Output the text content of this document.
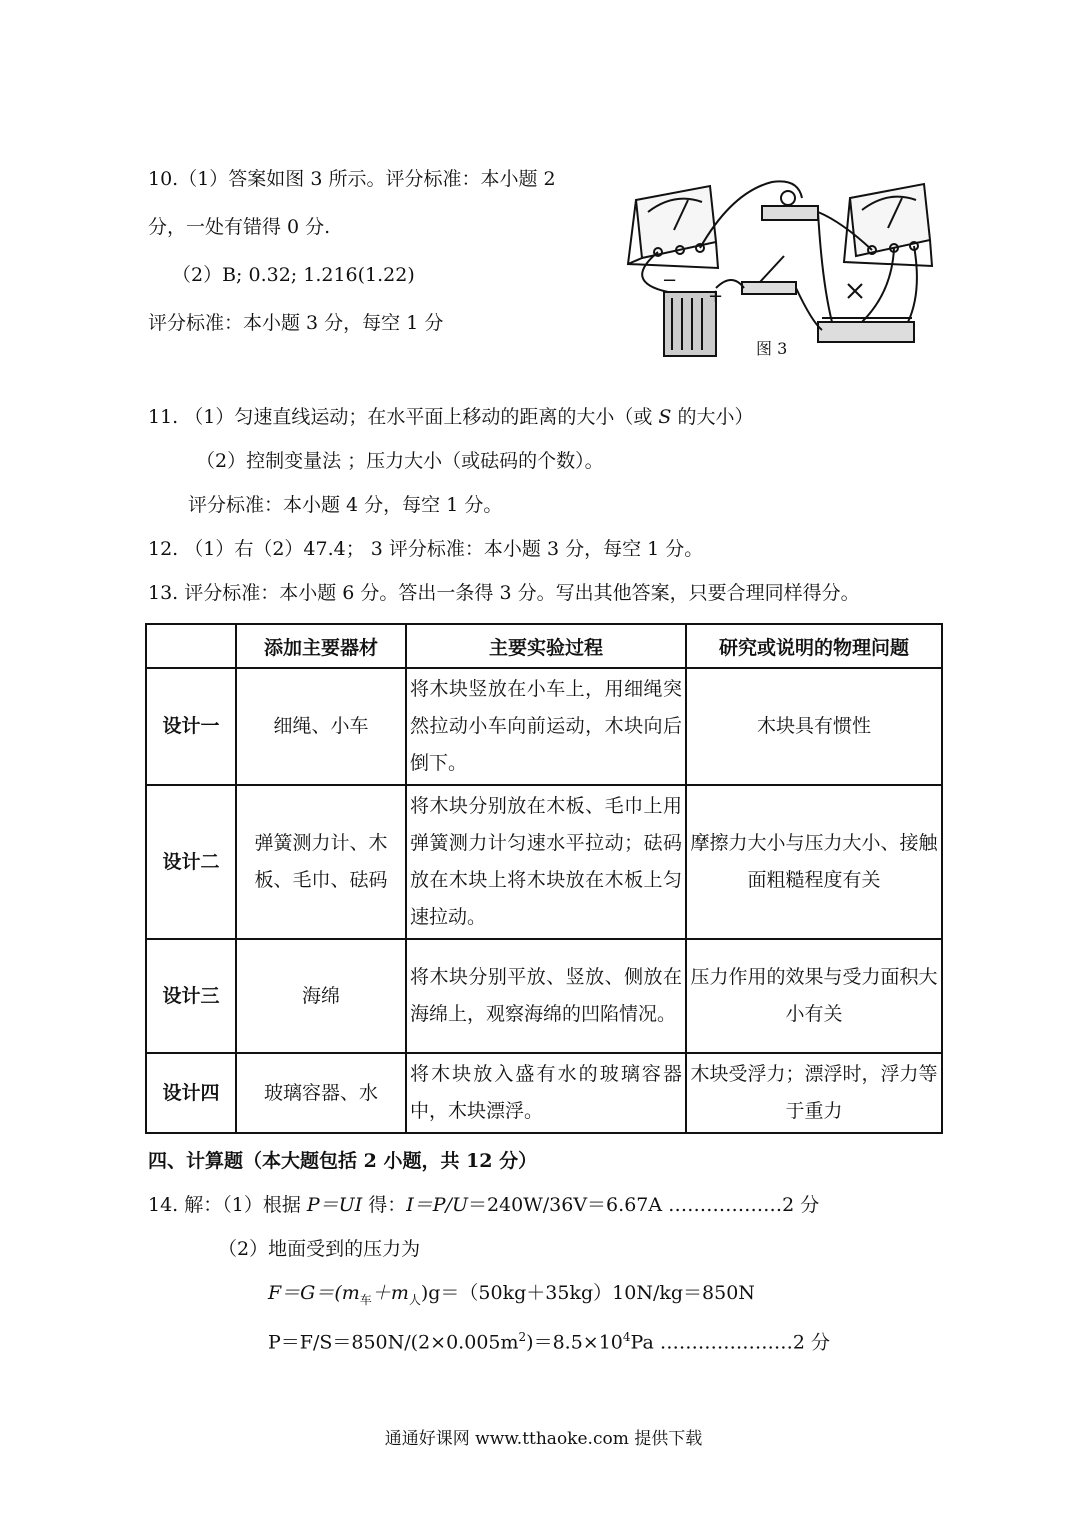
10.（1）答案如图 3 所示。评分标准：本小题 2
分，一处有错得 0 分.
（2）B; 0.32; 1.216(1.22)
评分标准：本小题 3 分，每空 1 分
−
+
图 3
11. （1）匀速直线运动；在水平面上移动的距离的大小（或 S 的大小）
（2）控制变量法 ；压力大小（或砝码的个数）。
评分标准：本小题 4 分，每空 1 分。
12. （1）右（2）47.4； 3 评分标准：本小题 3 分，每空 1 分。
13. 评分标准：本小题 6 分。答出一条得 3 分。写出其他答案，只要合理同样得分。
	添加主要器材	主要实验过程	研究或说明的物理问题
设计一	细绳、小车	将木块竖放在小车上，用细绳突然拉动小车向前运动，木块向后倒下。	木块具有惯性
设计二	弹簧测力计、木板、毛巾、砝码	将木块分别放在木板、毛巾上用弹簧测力计匀速水平拉动；砝码放在木块上将木块放在木板上匀速拉动。	摩擦力大小与压力大小、接触面粗糙程度有关
设计三	海绵	将木块分别平放、竖放、侧放在海绵上，观察海绵的凹陷情况。	压力作用的效果与受力面积大小有关
设计四	玻璃容器、水	将木块放入盛有水的玻璃容器中，木块漂浮。	木块受浮力；漂浮时，浮力等于重力
四、计算题（本大题包括 2 小题，共 12 分）
14. 解：（1）根据 P＝UI 得：I＝P/U＝240W/36V＝6.67A ………………2 分
（2）地面受到的压力为
$F=G=(m_车+m_人)g=(50kg+35kg)10N/kg=850N$
$P=F/S=850N/(2\times 0.005m^2)=8.5\times 10^4Pa$ …………………2 分
通通好课网 www.tthaoke.com 提供下载
